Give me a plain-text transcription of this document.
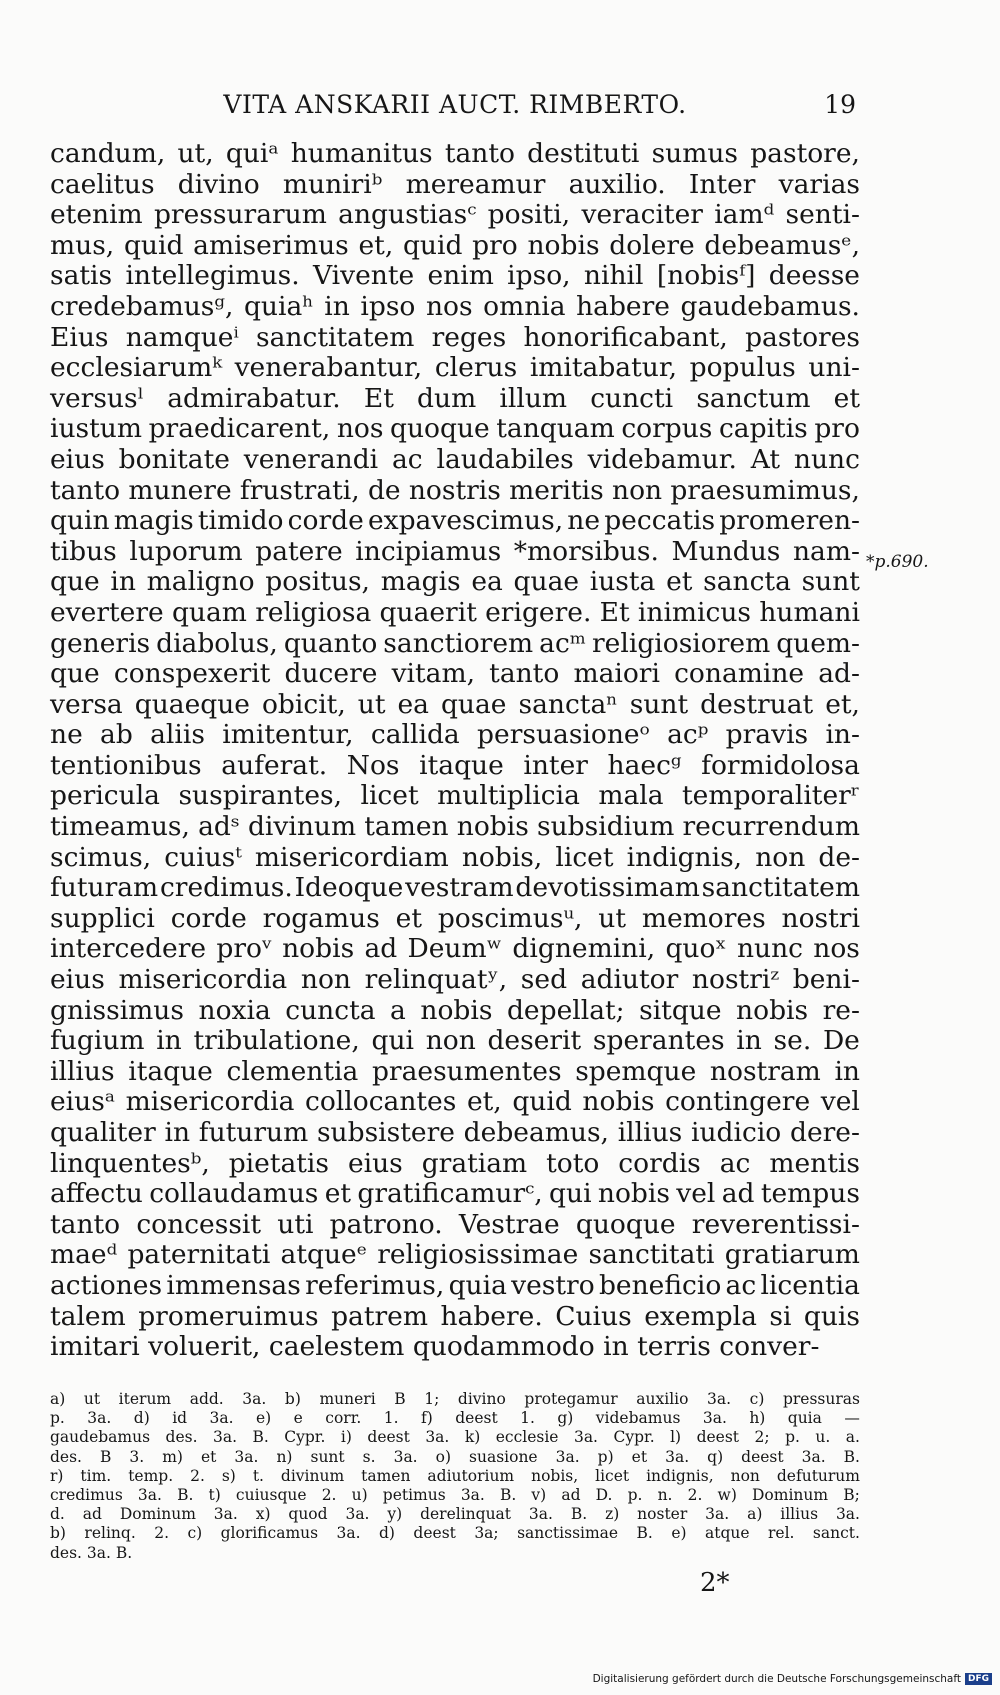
VITA ANSKARII AUCT. RIMBERTO.	19
candum, ut, quiᵃ humanitus tanto destituti sumus pastore,
caelitus divino muniriᵇ mereamur auxilio. Inter varias
etenim pressurarum angustiasᶜ positi, veraciter iamᵈ senti-
mus, quid amiserimus et, quid pro nobis dolere debeamusᵉ,
satis intellegimus. Vivente enim ipso, nihil [nobisᶠ] deesse
credebamusᵍ, quiaʰ in ipso nos omnia habere gaudebamus.
Eius namqueⁱ sanctitatem reges honorificabant, pastores
ecclesiarumᵏ venerabantur, clerus imitabatur, populus uni-
versusˡ admirabatur. Et dum illum cuncti sanctum et
iustum praedicarent, nos quoque tanquam corpus capitis pro
eius bonitate venerandi ac laudabiles videbamur. At nunc
tanto munere frustrati, de nostris meritis non praesumimus,
quin magis timido corde expavescimus, ne peccatis promeren-
tibus luporum patere incipiamus *morsibus. Mundus nam-
que in maligno positus, magis ea quae iusta et sancta sunt
evertere quam religiosa quaerit erigere. Et inimicus humani
generis diabolus, quanto sanctiorem acᵐ religiosiorem quem-
que conspexerit ducere vitam, tanto maiori conamine ad-
versa quaeque obicit, ut ea quae sanctaⁿ sunt destruat et,
ne ab aliis imitentur, callida persuasioneᵒ acᵖ pravis in-
tentionibus auferat. Nos itaque inter haecᵍ formidolosa
pericula suspirantes, licet multiplicia mala temporaliterʳ
timeamus, adˢ divinum tamen nobis subsidium recurrendum
scimus, cuiusᵗ misericordiam nobis, licet indignis, non de-
futuram credimus. Ideoque vestram devotissimam sanctitatem
supplici corde rogamus et poscimusᵘ, ut memores nostri
intercedere proᵛ nobis ad Deumʷ dignemini, quoˣ nunc nos
eius misericordia non relinquatʸ, sed adiutor nostriᶻ beni-
gnissimus noxia cuncta a nobis depellat; sitque nobis re-
fugium in tribulatione, qui non deserit sperantes in se. De
illius itaque clementia praesumentes spemque nostram in
eiusᵃ misericordia collocantes et, quid nobis contingere vel
qualiter in futurum subsistere debeamus, illius iudicio dere-
linquentesᵇ, pietatis eius gratiam toto cordis ac mentis
affectu collaudamus et gratificamurᶜ, qui nobis vel ad tempus
tanto concessit uti patrono. Vestrae quoque reverentissi-
maeᵈ paternitati atqueᵉ religiosissimae sanctitati gratiarum
actiones immensas referimus, quia vestro beneficio ac licentia
talem promeruimus patrem habere. Cuius exempla si quis
imitari voluerit, caelestem quodammodo in terris conver-
*p.690.
a) ut iterum add. 3a. b) muneri B 1; divino protegamur auxilio 3a. c) pressuras
p. 3a. d) id 3a. e) e corr. 1. f) deest 1. g) videbamus 3a. h) quia —
gaudebamus des. 3a. B. Cypr. i) deest 3a. k) ecclesie 3a. Cypr. l) deest 2; p. u. a.
des. B 3. m) et 3a. n) sunt s. 3a. o) suasione 3a. p) et 3a. q) deest 3a. B.
r) tim. temp. 2. s) t. divinum tamen adiutorium nobis, licet indignis, non defuturum
credimus 3a. B. t) cuiusque 2. u) petimus 3a. B. v) ad D. p. n. 2. w) Dominum B;
d. ad Dominum 3a. x) quod 3a. y) derelinquat 3a. B. z) noster 3a. a) illius 3a.
b) relinq. 2. c) glorificamus 3a. d) deest 3a; sanctissimae B. e) atque rel. sanct.
des. 3a. B.
2*
Digitalisierung gefördert durch die Deutsche Forschungsgemeinschaft DFG
